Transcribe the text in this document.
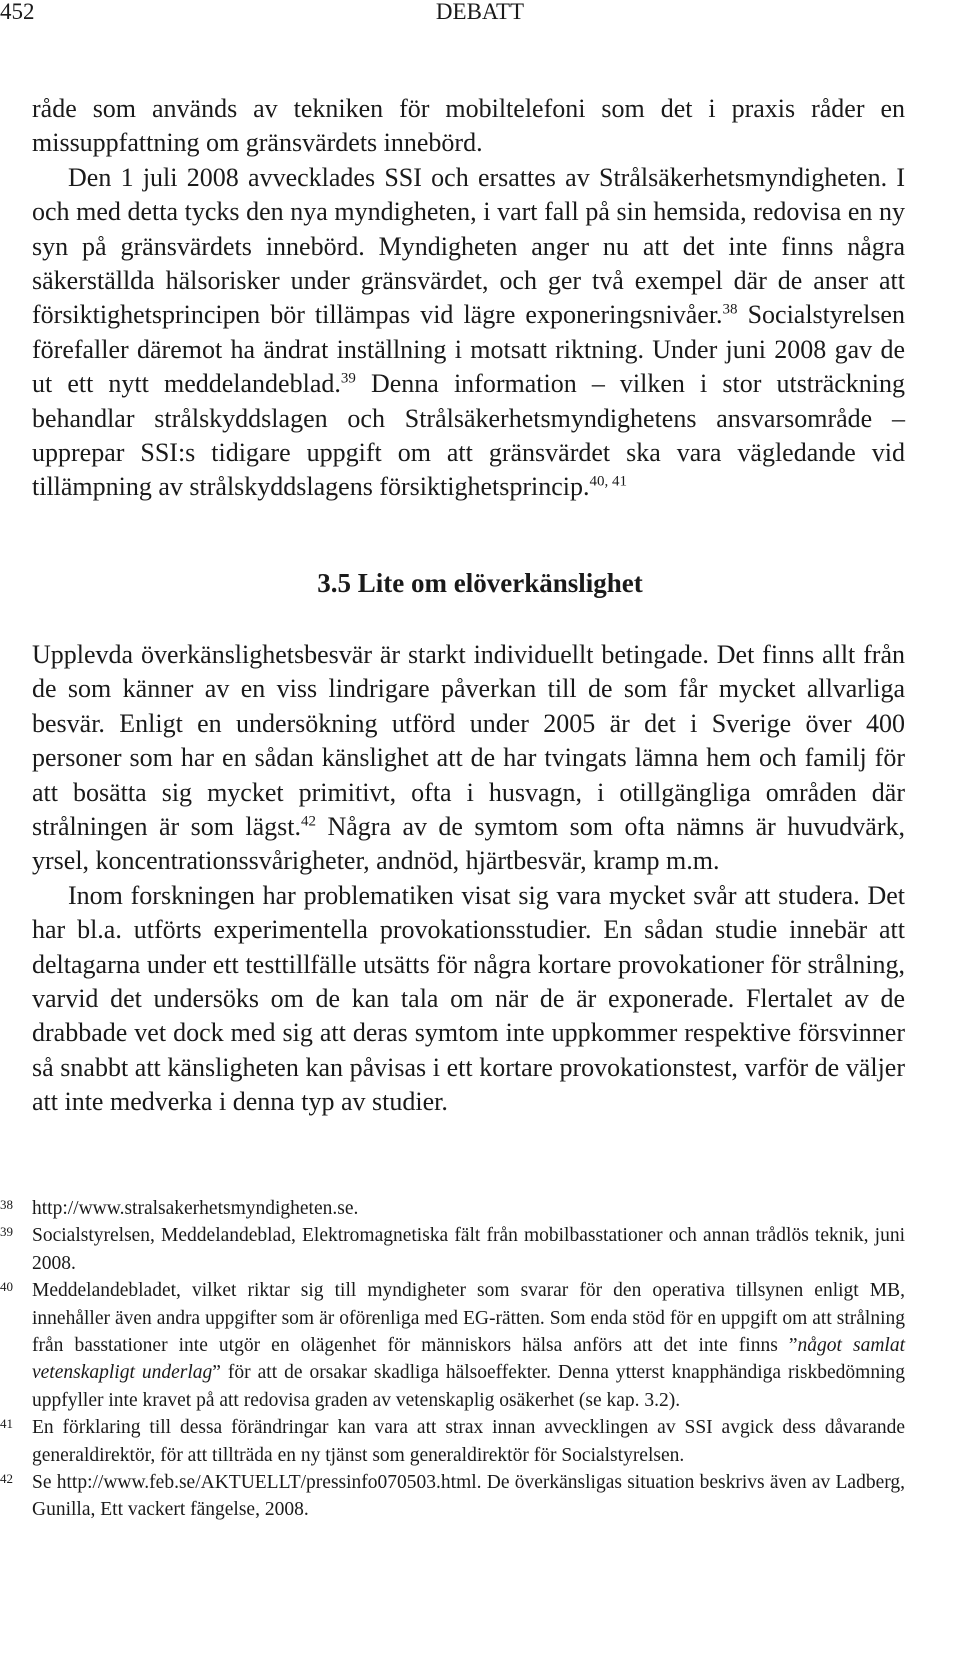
452	DEBATT

råde som används av tekniken för mobiltelefoni som det i praxis råder en missuppfattning om gränsvärdets innebörd.

Den 1 juli 2008 avvecklades SSI och ersattes av Strålsäkerhetsmyndigheten. I och med detta tycks den nya myndigheten, i vart fall på sin hemsida, redovisa en ny syn på gränsvärdets innebörd. Myndigheten anger nu att det inte finns några säkerställda hälsorisker under gränsvärdet, och ger två exempel där de anser att försiktighetsprincipen bör tillämpas vid lägre exponeringsnivåer.$^{38}$ Socialstyrelsen förefaller däremot ha ändrat inställning i motsatt riktning. Under juni 2008 gav de ut ett nytt meddelandeblad.$^{39}$ Denna information – vilken i stor utsträckning behandlar strålskyddslagen och Strålsäkerhetsmyndighetens ansvarsområde – upprepar SSI:s tidigare uppgift om att gränsvärdet ska vara vägledande vid tillämpning av strålskyddslagens försiktighetsprincip.$^{40, 41}$

3.5 Lite om elöverkänslighet

Upplevda överkänslighetsbesvär är starkt individuellt betingade. Det finns allt från de som känner av en viss lindrigare påverkan till de som får mycket allvarliga besvär. Enligt en undersökning utförd under 2005 är det i Sverige över 400 personer som har en sådan känslighet att de har tvingats lämna hem och familj för att bosätta sig mycket primitivt, ofta i husvagn, i otillgängliga områden där strålningen är som lägst.$^{42}$ Några av de symtom som ofta nämns är huvudvärk, yrsel, koncentrationssvårigheter, andnöd, hjärtbesvär, kramp m.m.

Inom forskningen har problematiken visat sig vara mycket svår att studera. Det har bl.a. utförts experimentella provokationsstudier. En sådan studie innebär att deltagarna under ett testtillfälle utsätts för några kortare provokationer för strålning, varvid det undersöks om de kan tala om när de är exponerade. Flertalet av de drabbade vet dock med sig att deras symtom inte uppkommer respektive försvinner så snabbt att känsligheten kan påvisas i ett kortare provokationstest, varför de väljer att inte medverka i denna typ av studier.

38 http://www.stralsakerhetsmyndigheten.se.
39 Socialstyrelsen, Meddelandeblad, Elektromagnetiska fält från mobilbasstationer och annan trådlös teknik, juni 2008.
40 Meddelandebladet, vilket riktar sig till myndigheter som svarar för den operativa tillsynen enligt MB, innehåller även andra uppgifter som är oförenliga med EG-rätten. Som enda stöd för en uppgift om att strålning från basstationer inte utgör en olägenhet för människors hälsa anförs att det inte finns ”något samlat vetenskapligt underlag” för att de orsakar skadliga hälsoeffekter. Denna ytterst knapphändiga riskbedömning uppfyller inte kravet på att redovisa graden av vetenskaplig osäkerhet (se kap. 3.2).
41 En förklaring till dessa förändringar kan vara att strax innan avvecklingen av SSI avgick dess dåvarande generaldirektör, för att tillträda en ny tjänst som generaldirektör för Socialstyrelsen.
42 Se http://www.feb.se/AKTUELLT/pressinfo070503.html. De överkänsligas situation beskrivs även av Ladberg, Gunilla, Ett vackert fängelse, 2008.
